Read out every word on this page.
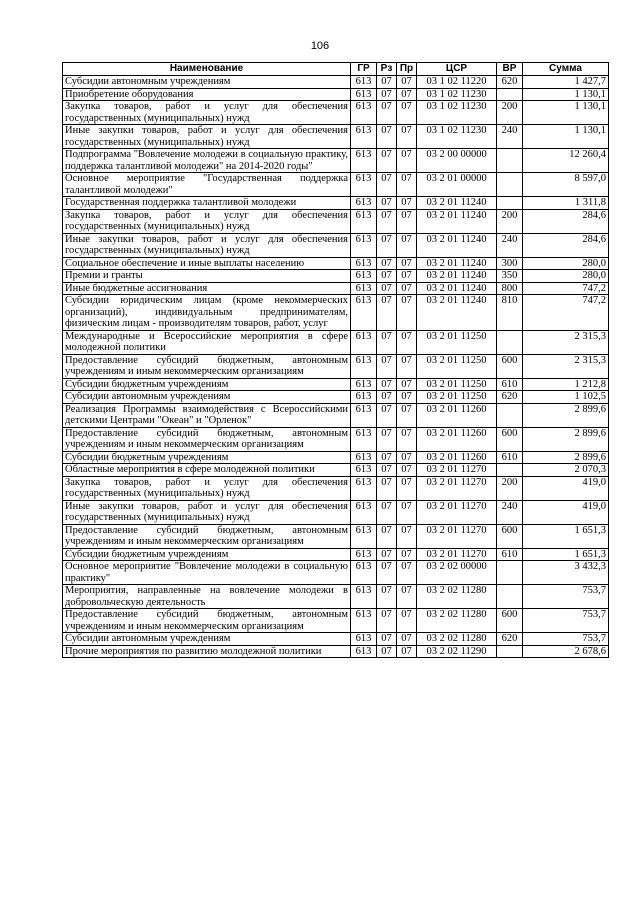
106
Наименование	ГР	Рз	Пр	ЦСР	ВР	Сумма
Субсидии автономным учреждениям	613	07	07	03 1 02 11220	620	1 427,7
Приобретение оборудования	613	07	07	03 1 02 11230		1 130,1
Закупка товаров, работ и услуг для обеспечения государственных (муниципальных) нужд	613	07	07	03 1 02 11230	200	1 130,1
Иные закупки товаров, работ и услуг для обеспечения государственных (муниципальных) нужд	613	07	07	03 1 02 11230	240	1 130,1
Подпрограмма "Вовлечение молодежи в социальную практику, поддержка талантливой молодежи" на 2014-2020 годы"	613	07	07	03 2 00 00000		12 260,4
Основное мероприятие "Государственная поддержка талантливой молодежи"	613	07	07	03 2 01 00000		8 597,0
Государственная поддержка талантливой молодежи	613	07	07	03 2 01 11240		1 311,8
Закупка товаров, работ и услуг для обеспечения государственных (муниципальных) нужд	613	07	07	03 2 01 11240	200	284,6
Иные закупки товаров, работ и услуг для обеспечения государственных (муниципальных) нужд	613	07	07	03 2 01 11240	240	284,6
Социальное обеспечение и иные выплаты населению	613	07	07	03 2 01 11240	300	280,0
Премии и гранты	613	07	07	03 2 01 11240	350	280,0
Иные бюджетные ассигнования	613	07	07	03 2 01 11240	800	747,2
Субсидии юридическим лицам (кроме некоммерческих организаций), индивидуальным предпринимателям, физическим лицам - производителям товаров, работ, услуг	613	07	07	03 2 01 11240	810	747,2
Международные и Всероссийские мероприятия в сфере молодежной политики	613	07	07	03 2 01 11250		2 315,3
Предоставление субсидий бюджетным, автономным учреждениям и иным некоммерческим организациям	613	07	07	03 2 01 11250	600	2 315,3
Субсидии бюджетным учреждениям	613	07	07	03 2 01 11250	610	1 212,8
Субсидии автономным учреждениям	613	07	07	03 2 01 11250	620	1 102,5
Реализация Программы взаимодействия с Всероссийскими детскими Центрами "Океан" и "Орленок"	613	07	07	03 2 01 11260		2 899,6
Предоставление субсидий бюджетным, автономным учреждениям и иным некоммерческим организациям	613	07	07	03 2 01 11260	600	2 899,6
Субсидии бюджетным учреждениям	613	07	07	03 2 01 11260	610	2 899,6
Областные мероприятия в сфере молодежной политики	613	07	07	03 2 01 11270		2 070,3
Закупка товаров, работ и услуг для обеспечения государственных (муниципальных) нужд	613	07	07	03 2 01 11270	200	419,0
Иные закупки товаров, работ и услуг для обеспечения государственных (муниципальных) нужд	613	07	07	03 2 01 11270	240	419,0
Предоставление субсидий бюджетным, автономным учреждениям и иным некоммерческим организациям	613	07	07	03 2 01 11270	600	1 651,3
Субсидии бюджетным учреждениям	613	07	07	03 2 01 11270	610	1 651,3
Основное мероприятие "Вовлечение молодежи в социальную практику"	613	07	07	03 2 02 00000		3 432,3
Мероприятия, направленные на вовлечение молодежи в добровольческую деятельность	613	07	07	03 2 02 11280		753,7
Предоставление субсидий бюджетным, автономным учреждениям и иным некоммерческим организациям	613	07	07	03 2 02 11280	600	753,7
Субсидии автономным учреждениям	613	07	07	03 2 02 11280	620	753,7
Прочие мероприятия по развитию молодежной политики	613	07	07	03 2 02 11290		2 678,6
